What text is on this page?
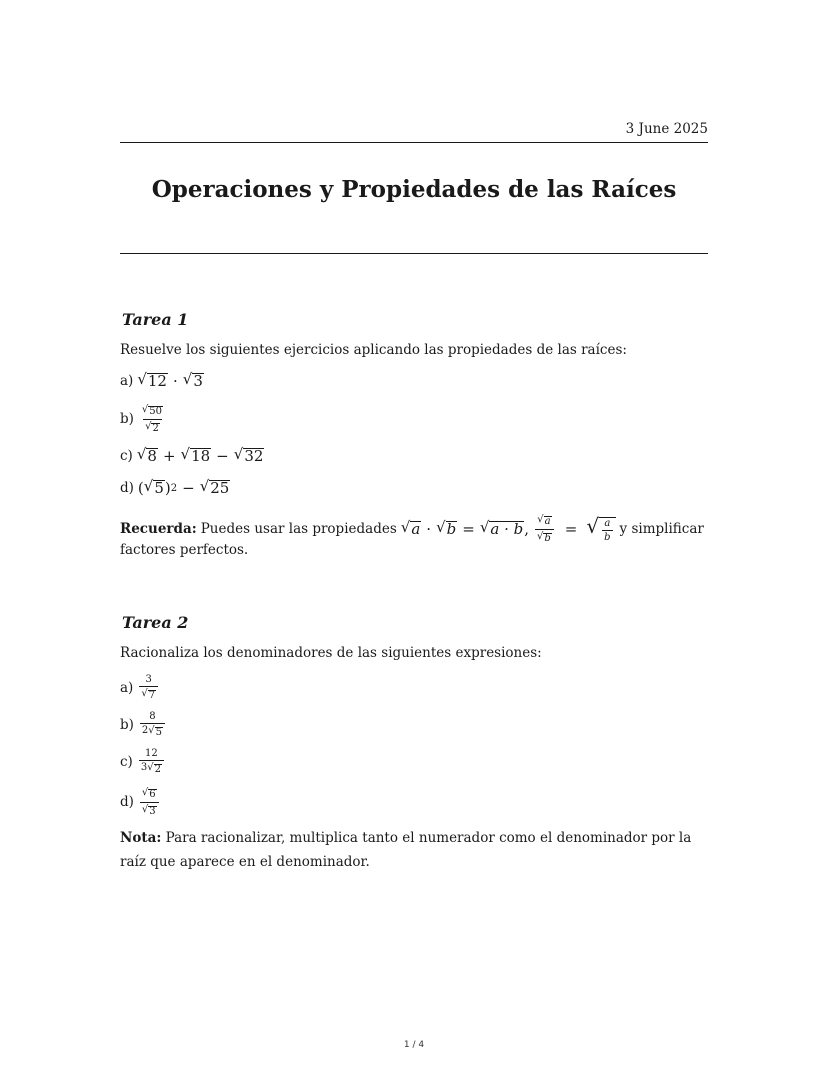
3 June 2025
Operaciones y Propiedades de las Raíces
Tarea 1
Resuelve los siguientes ejercicios aplicando las propiedades de las raíces:
a) √ 12 · √ 3
$b) \frac{√ 50}{√ 2}$
c) √ 8 + √ 18 − √ 32
d) ( √ 5 ) 2 − √ 25
Recuerda: Puedes usar las propiedades √ a · √ b = √ a · b , $\frac{√ a}{√ b}$ = √ $\frac{a}{b}$ y simplificar
factores perfectos.
Tarea 2
Racionaliza los denominadores de las siguientes expresiones:
$a) \frac{3}{√ 7}$
$b) \frac{8}{2 √ 5}$
$c) \frac{12}{3 √ 2}$
$d) \frac{√ 6}{√ 3}$
Nota: Para racionalizar, multiplica tanto el numerador como el denominador por la raíz que aparece en el denominador.
1 / 4
